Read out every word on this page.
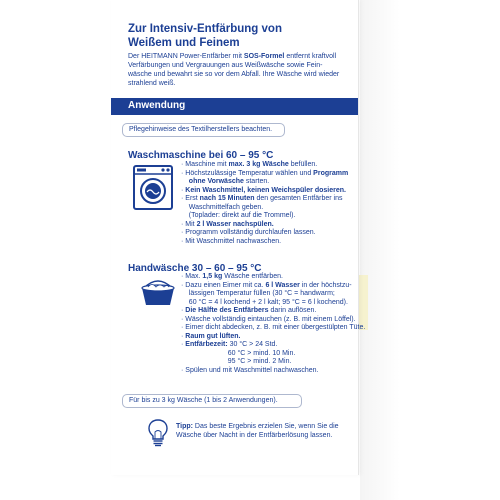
Zur Intensiv-Entfärbung von
Weißem und Feinem
Der HEITMANN Power-Entfärber mit SOS-Formel entfernt kraftvoll
Verfärbungen und Vergrauungen aus Weißwäsche sowie Fein-
wäsche und bewahrt sie so vor dem Abfall. Ihre Wäsche wird wieder
strahlend weiß.
Anwendung
Pflegehinweise des Textilherstellers beachten.
Waschmaschine bei 60 – 95 °C
· Maschine mit max. 3 kg Wäsche befüllen.
· Höchstzulässige Temperatur wählen und Programm
  ohne Vorwäsche starten.
· Kein Waschmittel, keinen Weichspüler dosieren.
· Erst nach 15 Minuten den gesamten Entfärber ins
  Waschmittelfach geben.
  (Toplader: direkt auf die Trommel).
· Mit 2 l Wasser nachspülen.
· Programm vollständig durchlaufen lassen.
· Mit Waschmittel nachwaschen.
Handwäsche 30 – 60 – 95 °C
· Max. 1,5 kg Wäsche entfärben.
· Dazu einen Eimer mit ca. 6 l Wasser in der höchstzu-
  lässigen Temperatur füllen (30 °C = handwarm;
  60 °C = 4 l kochend + 2 l kalt; 95 °C = 6 l kochend).
· Die Hälfte des Entfärbers darin auflösen.
· Wäsche vollständig eintauchen (z. B. mit einem Löffel).
· Eimer dicht abdecken, z. B. mit einer übergestülpten Tüte.
· Raum gut lüften.
· Entfärbezeit: 30 °C > 24 Std.
            60 °C > mind. 10 Min.
            95 °C > mind. 2 Min.
· Spülen und mit Waschmittel nachwaschen.
Für bis zu 3 kg Wäsche (1 bis 2 Anwendungen).
Tipp: Das beste Ergebnis erzielen Sie, wenn Sie die
Wäsche über Nacht in der Entfärberlösung lassen.
